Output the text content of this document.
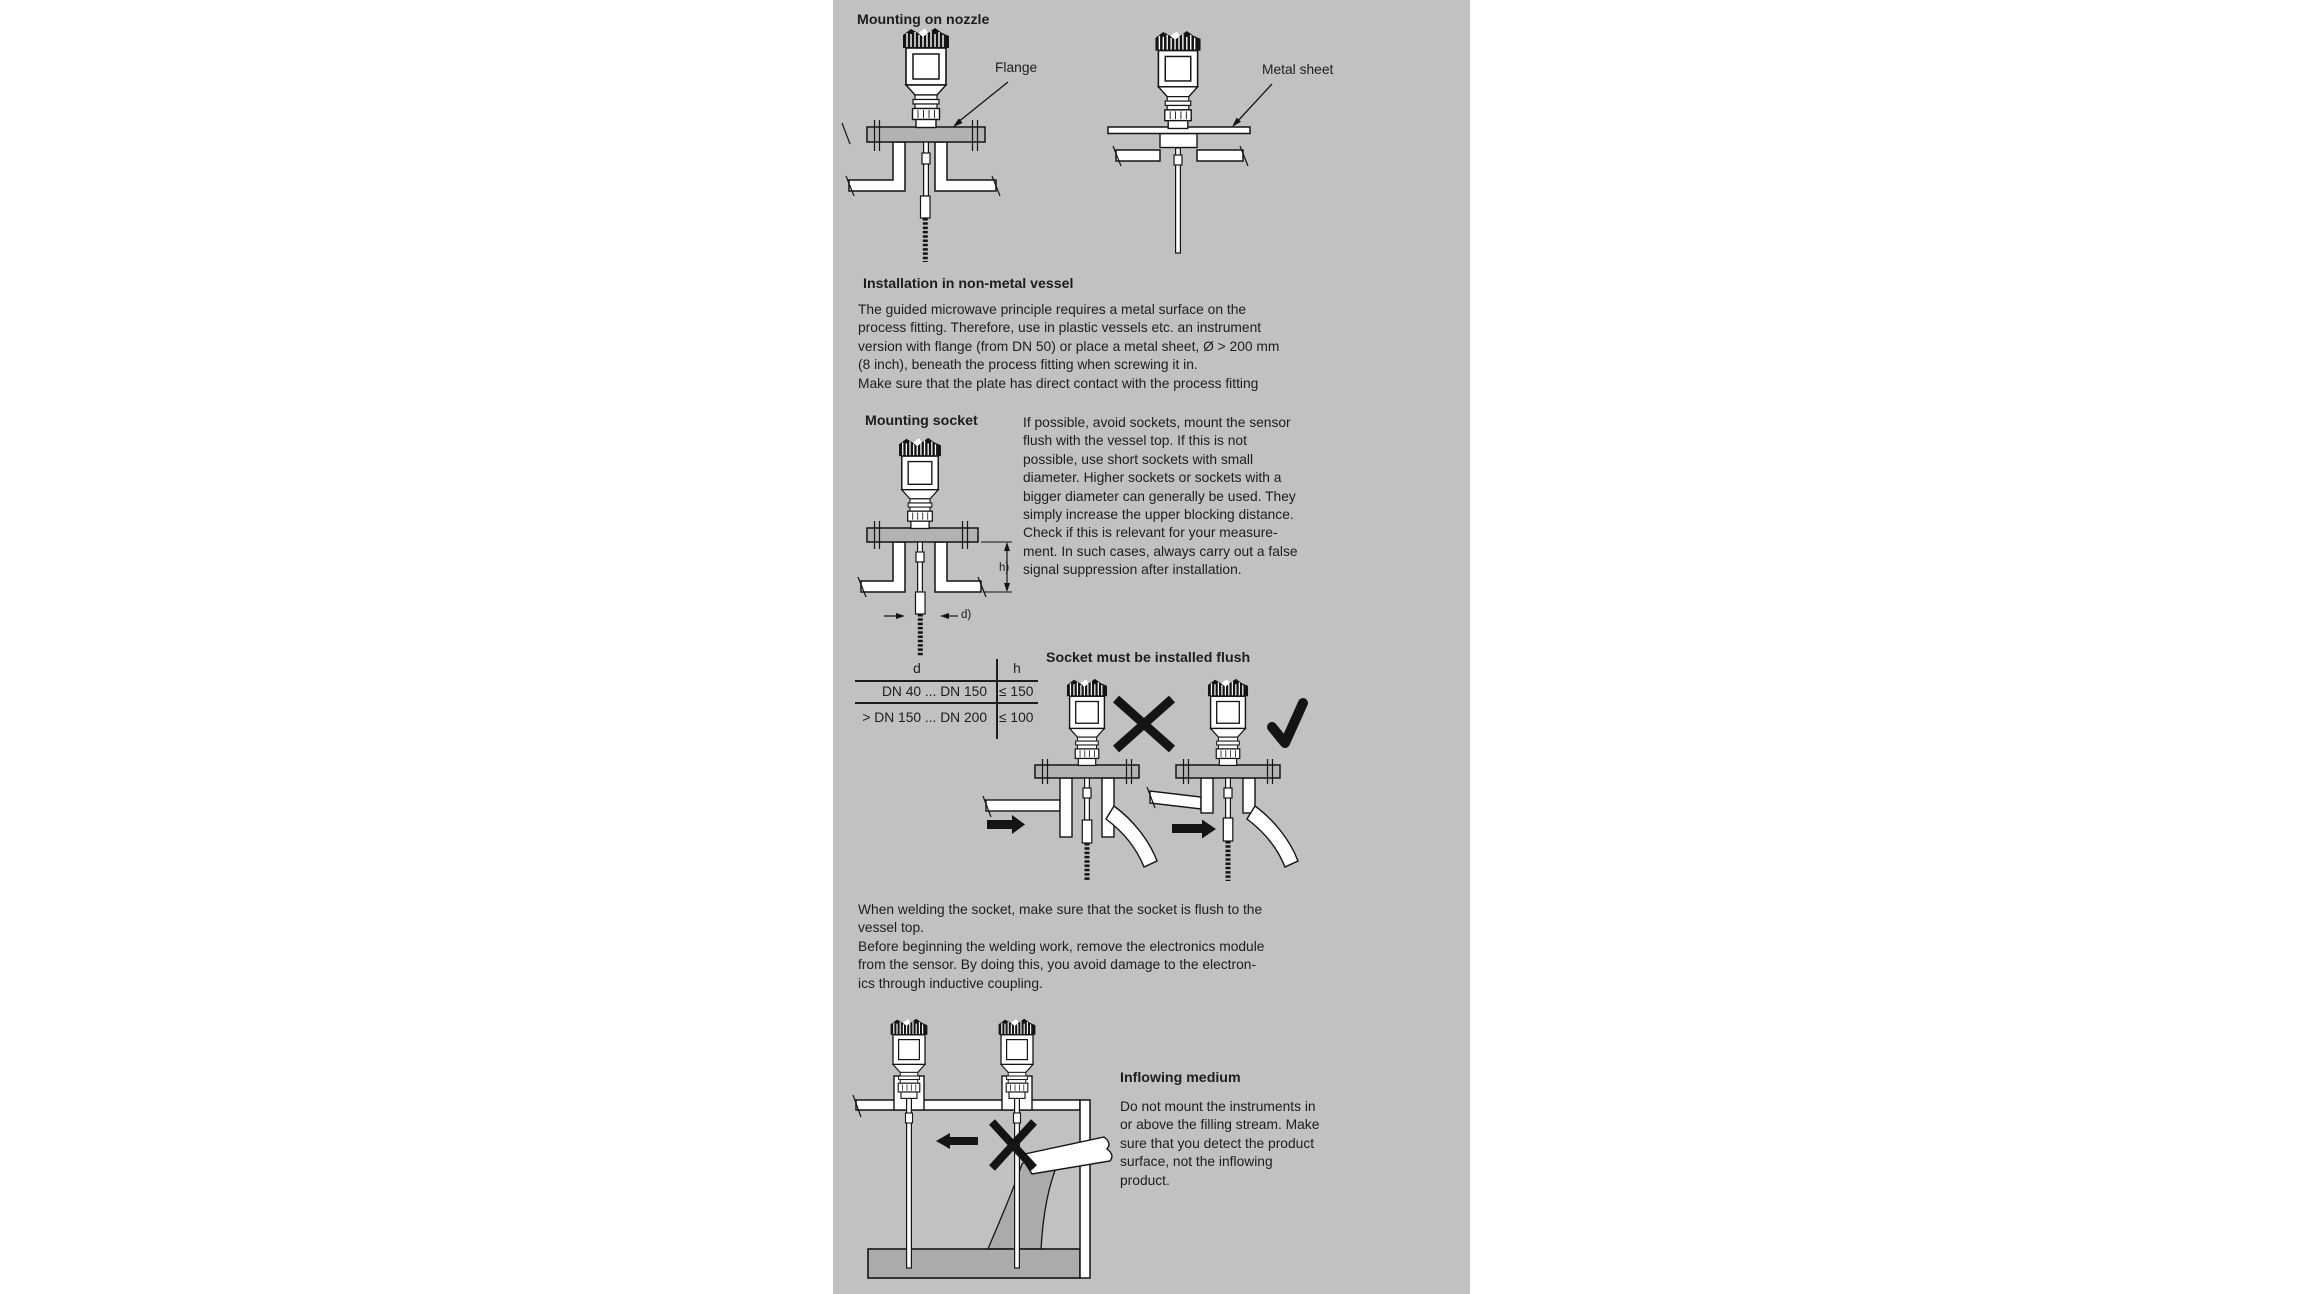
Mounting on nozzle
Flange	Metal sheet
Installation in non-metal vessel
The guided microwave principle requires a metal surface on the
process fitting. Therefore, use in plastic vessels etc. an instrument
version with flange (from DN 50) or place a metal sheet, Ø > 200 mm
(8 inch), beneath the process fitting when screwing it in.
Make sure that the plate has direct contact with the process fitting
Mounting socket	If possible, avoid sockets, mount the sensor
flush with the vessel top. If this is not
possible, use short sockets with small
diameter. Higher sockets or sockets with a
bigger diameter can generally be used. They
simply increase the upper blocking distance.
Check if this is relevant for your measure-
ment. In such cases, always carry out a false
signal suppression after installation.
h)
d)
d	h
DN 40 ... DN 150 ≤ 150
> DN 150 ... DN 200 ≤ 100
Socket must be installed flush
When welding the socket, make sure that the socket is flush to the
vessel top.
Before beginning the welding work, remove the electronics module
from the sensor. By doing this, you avoid damage to the electron-
ics through inductive coupling.
Inflowing medium
Do not mount the instruments in
or above the filling stream. Make
sure that you detect the product
surface, not the inflowing
product.
